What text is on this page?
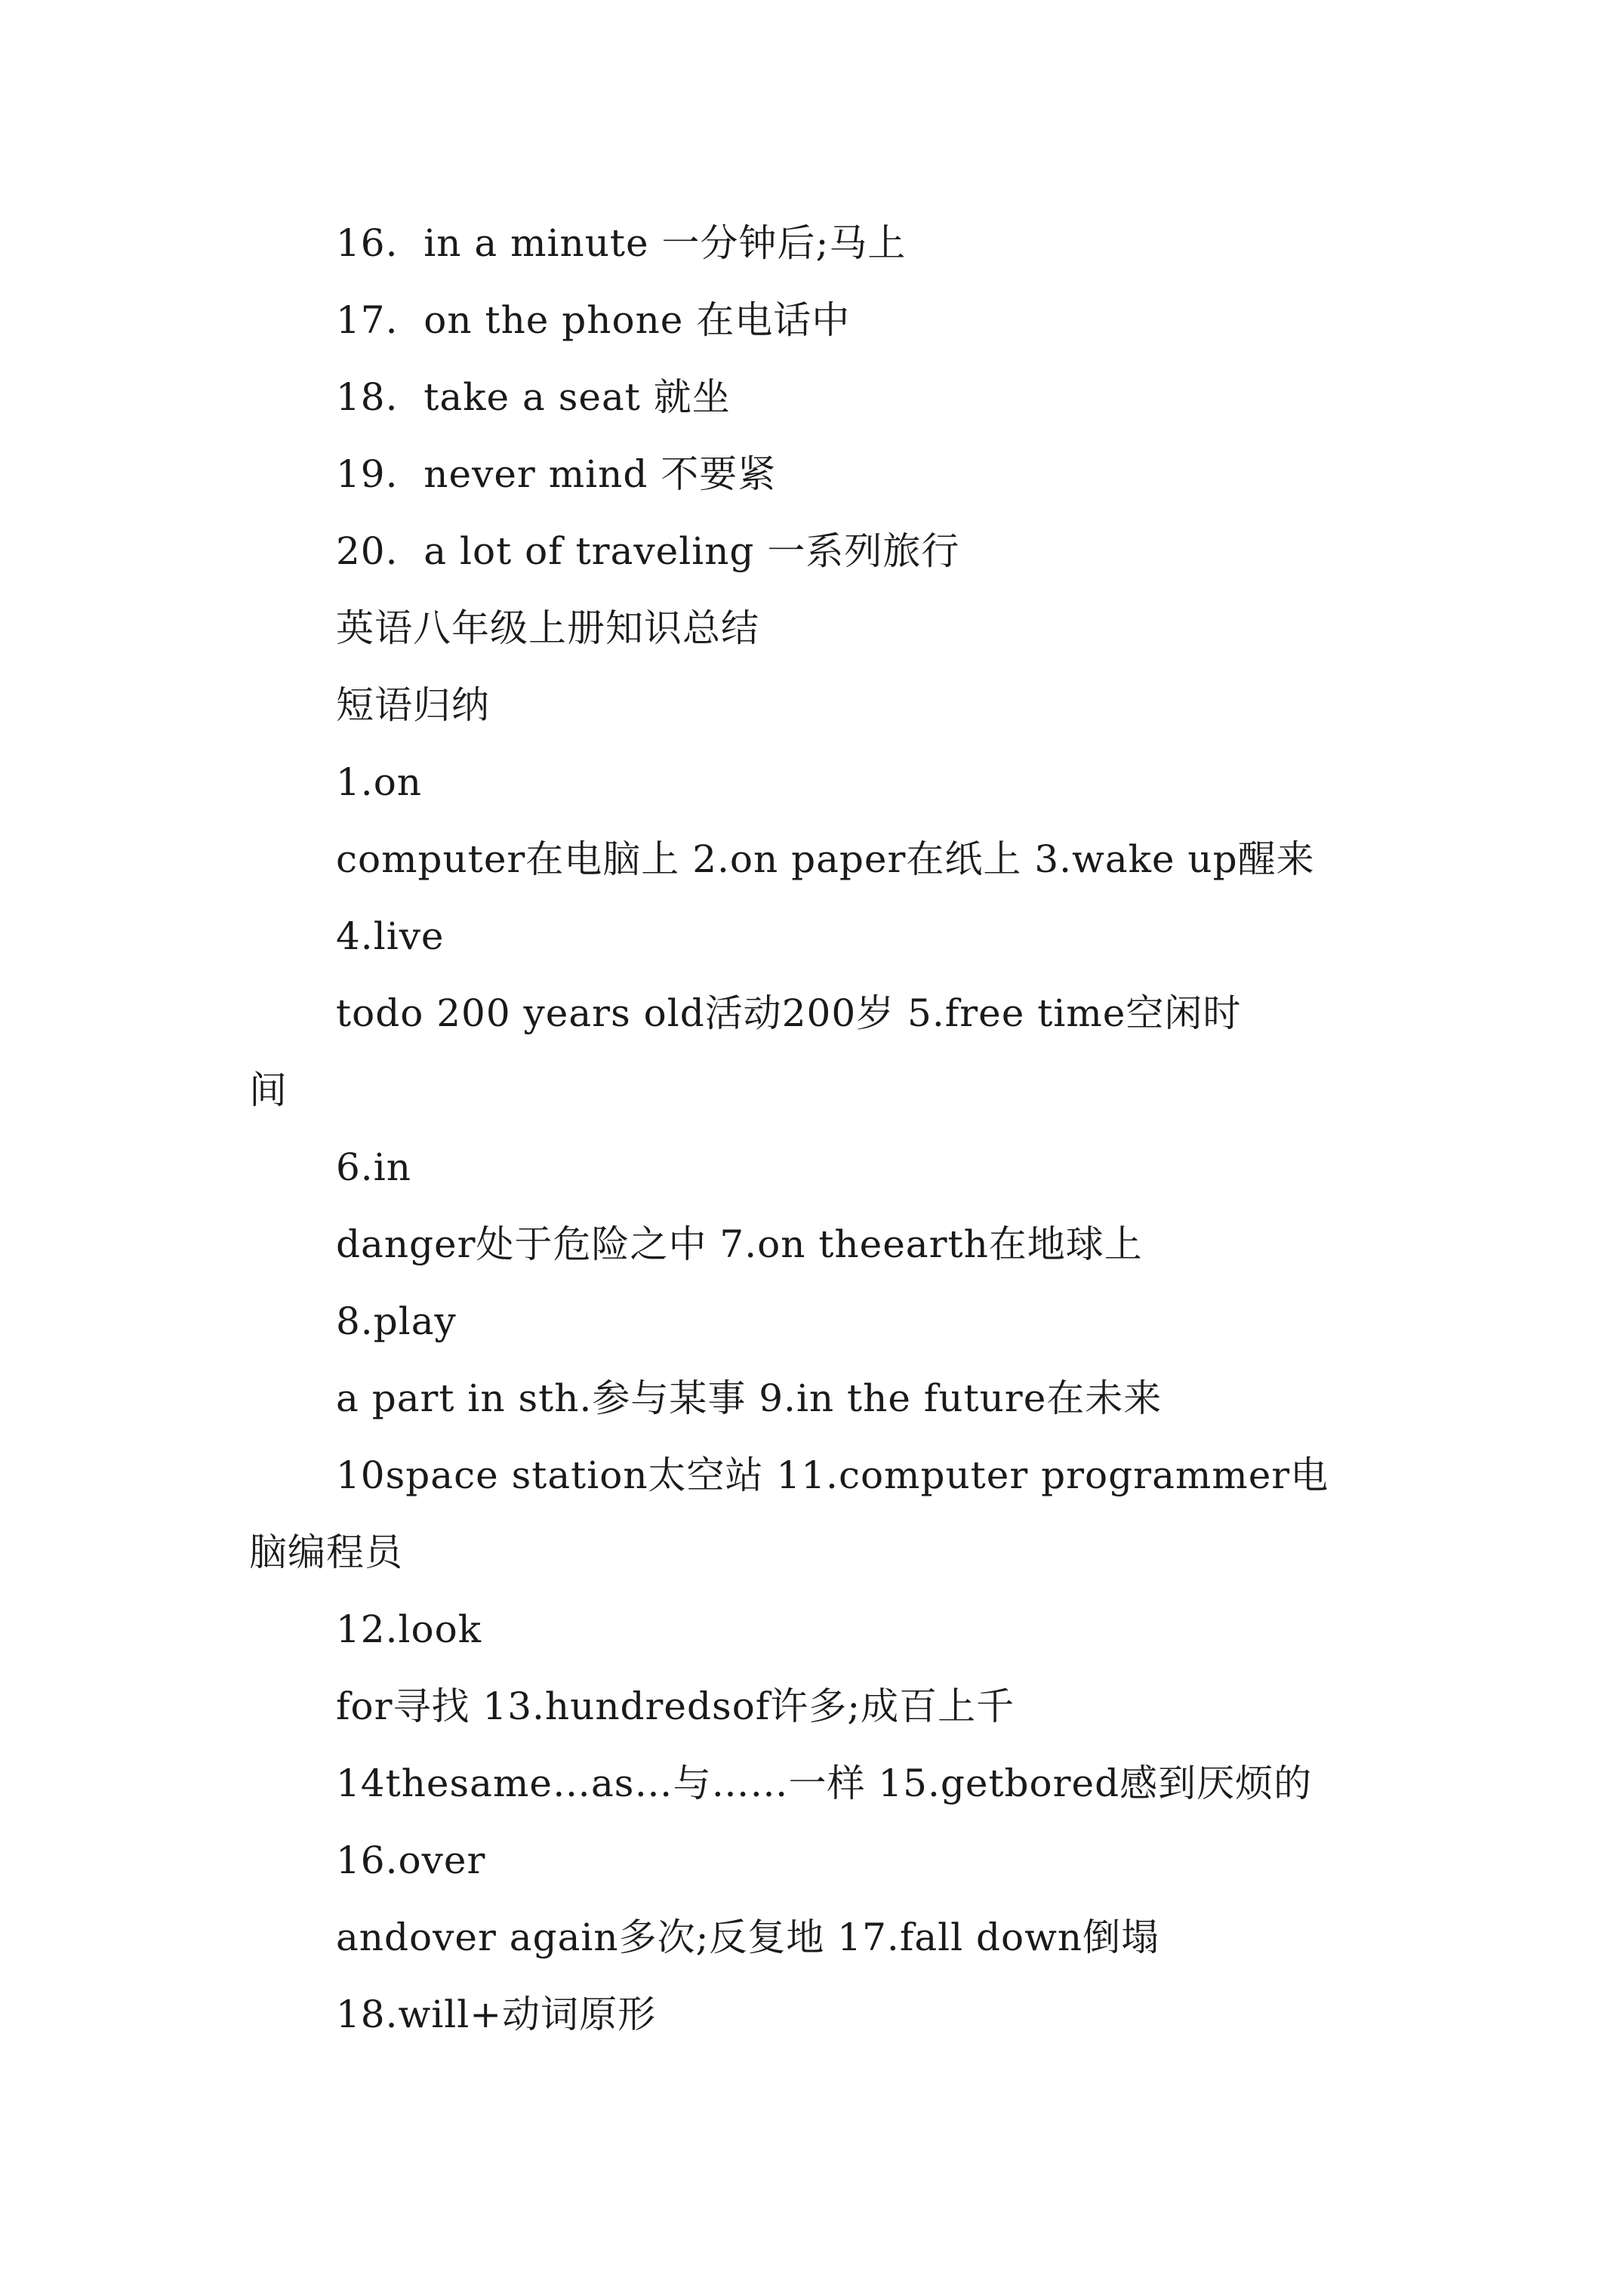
16.  in a minute 一分钟后;马上
17.  on the phone 在电话中
18.  take a seat 就坐
19.  never mind 不要紧
20.  a lot of traveling 一系列旅行
英语八年级上册知识总结
短语归纳
1.on
computer在电脑上 2.on paper在纸上 3.wake up醒来
4.live
todo 200 years old活动200岁 5.free time空闲时
间
6.in
danger处于危险之中 7.on theearth在地球上
8.play
a part in sth.参与某事 9.in the future在未来
10space station太空站 11.computer programmer电
脑编程员
12.look
for寻找 13.hundredsof许多;成百上千
14thesame…as…与……一样 15.getbored感到厌烦的
16.over
andover again多次;反复地 17.fall down倒塌
18.will+动词原形
